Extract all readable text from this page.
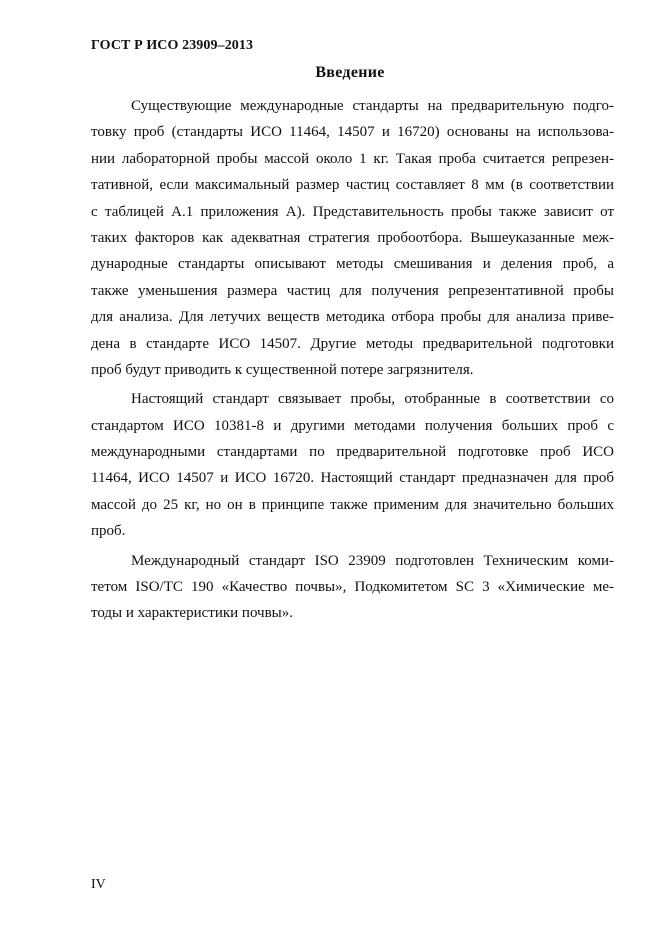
ГОСТ Р ИСО 23909–2013
Введение
Существующие международные стандарты на предварительную подго-
товку проб (стандарты ИСО 11464, 14507 и 16720) основаны на использова-
нии лабораторной пробы массой около 1 кг. Такая проба считается репрезен-
тативной, если максимальный размер частиц составляет 8 мм (в соответствии
с таблицей A.1 приложения А). Представительность пробы также зависит от
таких факторов как адекватная стратегия пробоотбора. Вышеуказанные меж-
дународные стандарты описывают методы смешивания и деления проб, а
также уменьшения размера частиц для получения репрезентативной пробы
для анализа. Для летучих веществ методика отбора пробы для анализа приве-
дена в стандарте ИСО 14507. Другие методы предварительной подготовки
проб будут приводить к существенной потере загрязнителя.
Настоящий стандарт связывает пробы, отобранные в соответствии со
стандартом ИСО 10381-8 и другими методами получения больших проб с
международными стандартами по предварительной подготовке проб ИСО
11464, ИСО 14507 и ИСО 16720. Настоящий стандарт предназначен для проб
массой до 25 кг, но он в принципе также применим для значительно больших
проб.
Международный стандарт ISO 23909 подготовлен Техническим коми-
тетом ISO/TC 190 «Качество почвы», Подкомитетом SC 3 «Химические ме-
тоды и характеристики почвы».
IV
